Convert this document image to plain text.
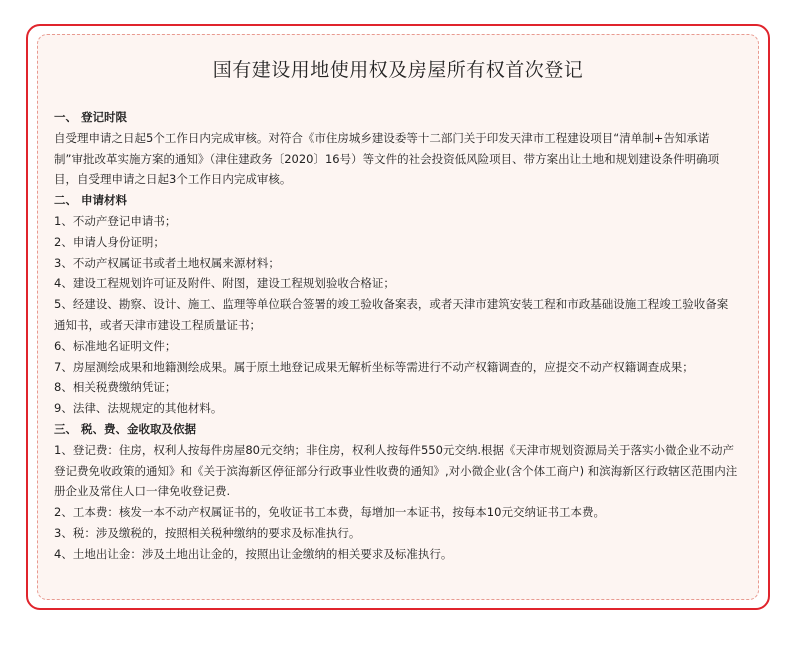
国有建设用地使用权及房屋所有权首次登记

一、 登记时限

自受理申请之日起5个工作日内完成审核。对符合《市住房城乡建设委等十二部门关于印发天津市工程建设项目“清单制+告知承诺制”审批改革实施方案的通知》（津住建政务〔2020〕16号）等文件的社会投资低风险项目、带方案出让土地和规划建设条件明确项目，自受理申请之日起3个工作日内完成审核。

二、 申请材料

1、不动产登记申请书；

2、申请人身份证明；

3、不动产权属证书或者土地权属来源材料；

4、建设工程规划许可证及附件、附图，建设工程规划验收合格证；

5、经建设、勘察、设计、施工、监理等单位联合签署的竣工验收备案表，或者天津市建筑安装工程和市政基础设施工程竣工验收备案通知书，或者天津市建设工程质量证书；

6、标准地名证明文件；

7、房屋测绘成果和地籍测绘成果。属于原土地登记成果无解析坐标等需进行不动产权籍调查的，应提交不动产权籍调查成果；

8、相关税费缴纳凭证；

9、法律、法规规定的其他材料。

三、 税、费、金收取及依据

1、登记费：住房，权利人按每件房屋80元交纳；非住房，权利人按每件550元交纳.根据《天津市规划资源局关于落实小微企业不动产登记费免收政策的通知》和《关于滨海新区停征部分行政事业性收费的通知》,对小微企业(含个体工商户) 和滨海新区行政辖区范围内注册企业及常住人口一律免收登记费.

2、工本费：核发一本不动产权属证书的，免收证书工本费，每增加一本证书，按每本10元交纳证书工本费。

3、税：涉及缴税的，按照相关税种缴纳的要求及标准执行。

4、土地出让金：涉及土地出让金的，按照出让金缴纳的相关要求及标准执行。
